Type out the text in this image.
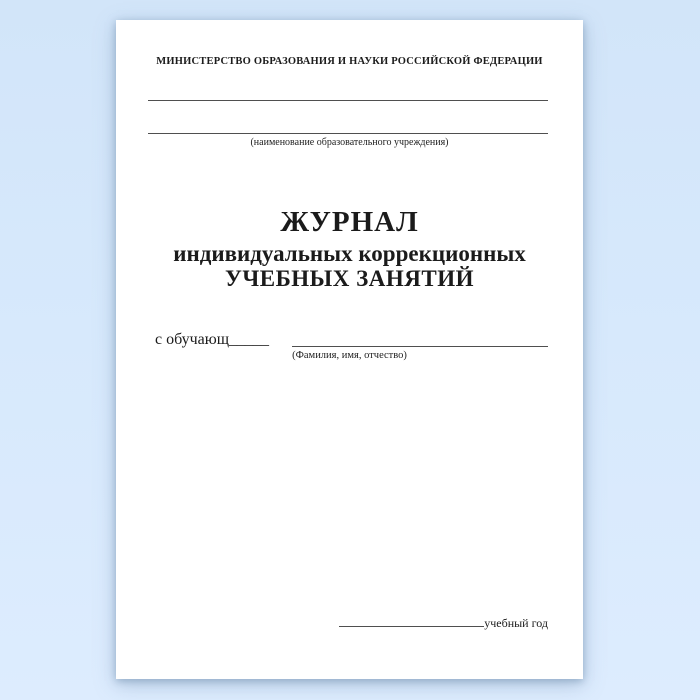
МИНИСТЕРСТВО ОБРАЗОВАНИЯ И НАУКИ РОССИЙСКОЙ ФЕДЕРАЦИИ
(наименование образовательного учреждения)
ЖУРНАЛ
индивидуальных коррекционных
УЧЕБНЫХ ЗАНЯТИЙ
с обучающ_____
(Фамилия, имя, отчество)
учебный год
